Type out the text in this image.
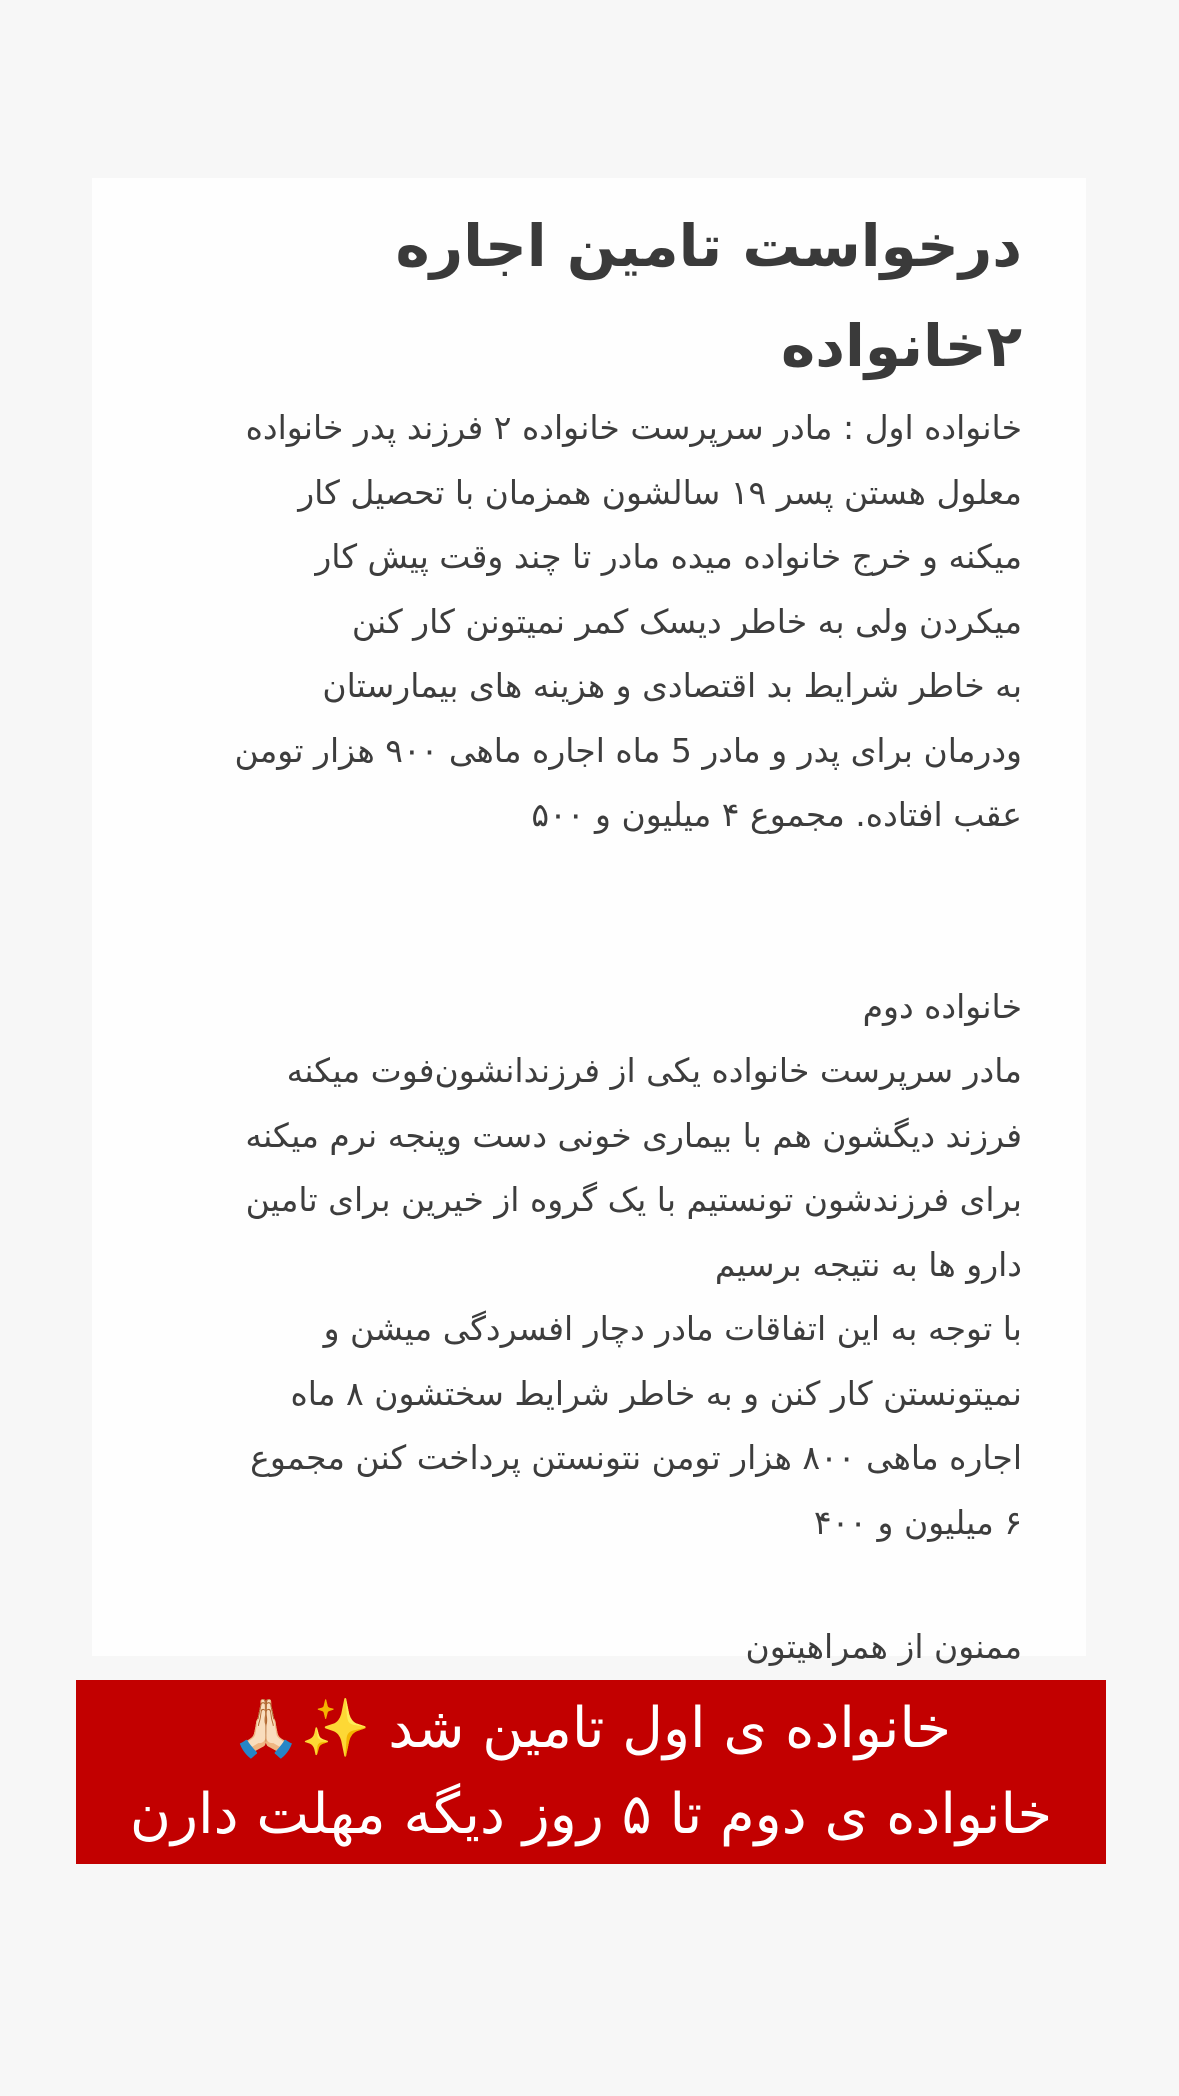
درخواست تامین اجاره ۲خانواده
خانواده اول : مادر سرپرست خانواده ۲ فرزند پدر خانواده
معلول هستن پسر ۱۹ سالشون همزمان با تحصیل کار
میکنه و خرج خانواده میده مادر تا چند وقت پیش کار
میکردن ولی به خاطر دیسک کمر نمیتونن کار کنن
به خاطر شرایط بد اقتصادی و هزینه های بیمارستان
ودرمان برای پدر و مادر 5 ماه اجاره ماهی ۹۰۰ هزار تومن
عقب افتاده. مجموع ۴ میلیون و ۵۰۰
خانواده دوم
مادر سرپرست خانواده یکی از فرزندانشون‌فوت میکنه
فرزند دیگشون هم با بیماری خونی دست وپنجه نرم میکنه
برای فرزندشون تونستیم با یک گروه از خیرین برای تامین
دارو ها به نتیجه برسیم
با توجه به این اتفاقات مادر دچار افسردگی میشن و
نمیتونستن کار کنن و به خاطر شرایط سختشون ۸ ماه
اجاره ماهی ۸۰۰ هزار تومن نتونستن پرداخت کنن مجموع
۶ میلیون و ۴۰۰

ممنون از همراهیتون

خانواده ی اول تامین شد ✨🙏🏻

خانواده ی دوم تا ۵ روز دیگه مهلت دارن
